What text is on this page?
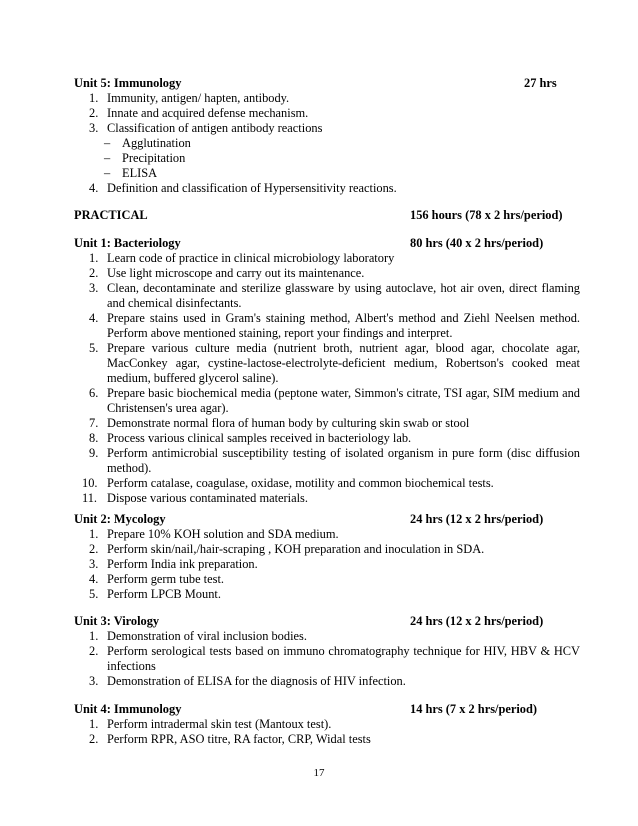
Unit 5: Immunology	27 hrs
1. Immunity, antigen/ hapten, antibody.
2. Innate and acquired defense mechanism.
3. Classification of antigen antibody reactions
– Agglutination
– Precipitation
– ELISA
4. Definition and classification of Hypersensitivity reactions.
PRACTICAL	156 hours (78 x 2 hrs/period)
Unit 1: Bacteriology	80 hrs (40 x 2 hrs/period)
1. Learn code of practice in clinical microbiology laboratory
2. Use light microscope and carry out its maintenance.
3. Clean, decontaminate and sterilize glassware by using autoclave, hot air oven, direct flaming and chemical disinfectants.
4. Prepare stains used in Gram's staining method, Albert's method and Ziehl Neelsen method. Perform above mentioned staining, report your findings and interpret.
5. Prepare various culture media (nutrient broth, nutrient agar, blood agar, chocolate agar, MacConkey agar, cystine-lactose-electrolyte-deficient medium, Robertson's cooked meat medium, buffered glycerol saline).
6. Prepare basic biochemical media (peptone water, Simmon's citrate, TSI agar, SIM medium and Christensen's urea agar).
7. Demonstrate normal flora of human body by culturing skin swab or stool
8. Process various clinical samples received in bacteriology lab.
9. Perform antimicrobial susceptibility testing of isolated organism in pure form (disc diffusion method).
10. Perform catalase, coagulase, oxidase, motility and common biochemical tests.
11. Dispose various contaminated materials.
Unit 2: Mycology	24 hrs (12 x 2 hrs/period)
1. Prepare 10% KOH solution and SDA medium.
2. Perform skin/nail,/hair-scraping , KOH preparation and inoculation in SDA.
3. Perform India ink preparation.
4. Perform germ tube test.
5. Perform LPCB Mount.
Unit 3: Virology	24 hrs (12 x 2 hrs/period)
1. Demonstration of viral inclusion bodies.
2. Perform serological tests based on immuno chromatography technique for HIV, HBV & HCV infections
3. Demonstration of ELISA for the diagnosis of HIV infection.
Unit 4: Immunology	14 hrs (7 x 2 hrs/period)
1. Perform intradermal skin test (Mantoux test).
2. Perform RPR, ASO titre, RA factor, CRP, Widal tests
17
